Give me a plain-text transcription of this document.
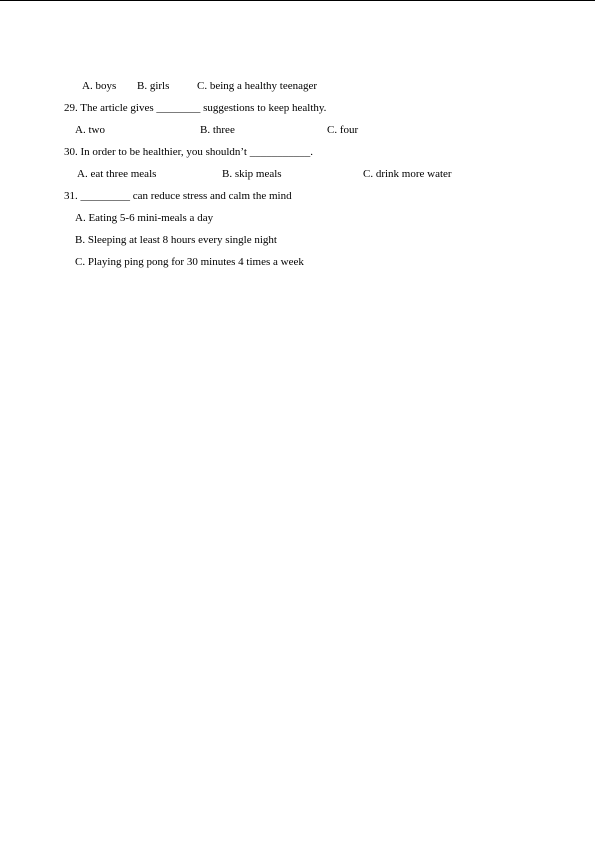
A. boys B. girls	C. being a healthy teenager
29. The article gives ________ suggestions to keep healthy.
A. two	B. three	C. four
30. In order to be healthier, you shouldn’t ___________.
A. eat three meals	B. skip meals	C. drink more water
31. _________ can reduce stress and calm the mind
A. Eating 5-6 mini-meals a day
B. Sleeping at least 8 hours every single night
C. Playing ping pong for 30 minutes 4 times a week
